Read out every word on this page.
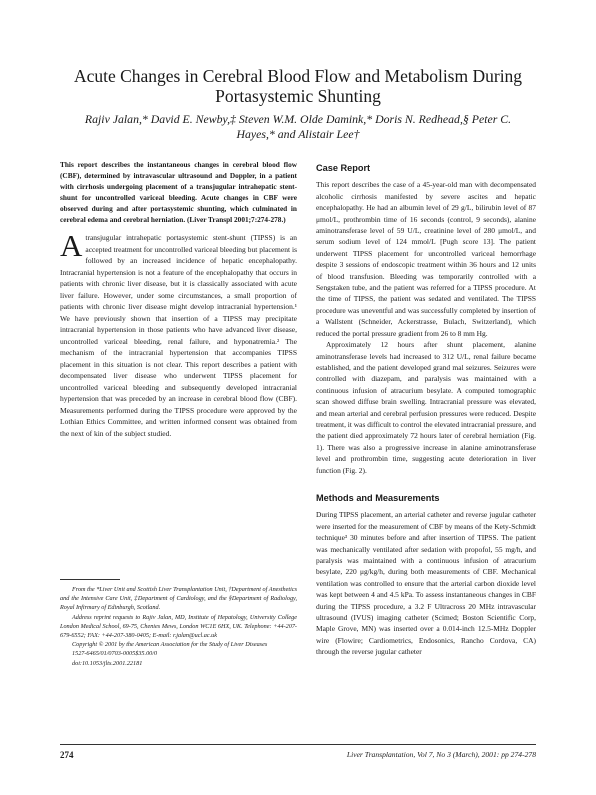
Acute Changes in Cerebral Blood Flow and Metabolism During Portasystemic Shunting

Rajiv Jalan,* David E. Newby,‡ Steven W.M. Olde Damink,* Doris N. Redhead,§ Peter C. Hayes,* and Alistair Lee†

This report describes the instantaneous changes in cerebral blood flow (CBF), determined by intravascular ultrasound and Doppler, in a patient with cirrhosis undergoing placement of a transjugular intrahepatic stent-shunt for uncontrolled variceal bleeding. Acute changes in CBF were observed during and after portasystemic shunting, which culminated in cerebral edema and cerebral herniation. (Liver Transpl 2001;7:274-278.)

Atransjugular intrahepatic portasystemic stent-shunt (TIPSS) is an accepted treatment for uncontrolled variceal bleeding but placement is followed by an increased incidence of hepatic encephalopathy. Intracranial hypertension is not a feature of the encephalopathy that occurs in patients with chronic liver disease, but it is classically associated with acute liver failure. However, under some circumstances, a small proportion of patients with chronic liver disease might develop intracranial hypertension.¹ We have previously shown that insertion of a TIPSS may precipitate intracranial hypertension in those patients who have advanced liver disease, uncontrolled variceal bleeding, renal failure, and hyponatremia.² The mechanism of the intracranial hypertension that accompanies TIPSS placement in this situation is not clear. This report describes a patient with decompensated liver disease who underwent TIPSS placement for uncontrolled variceal bleeding and subsequently developed intracranial hypertension that was preceded by an increase in cerebral blood flow (CBF). Measurements performed during the TIPSS procedure were approved by the Lothian Ethics Committee, and written informed consent was obtained from the next of kin of the subject studied.

From the *Liver Unit and Scottish Liver Transplantation Unit, †Department of Anesthetics and the Intensive Care Unit, ‡Department of Cardiology, and the §Department of Radiology, Royal Infirmary of Edinburgh, Scotland.

Address reprint requests to Rajiv Jalan, MD, Institute of Hepatology, University College London Medical School, 69-75, Chenies Mews, London WC1E 6HX, UK. Telephone: +44-207-679-6552; FAX: +44-207-380-0405; E-mail: r.jalan@ucl.ac.uk

Copyright © 2001 by the American Association for the Study of Liver Diseases

1527-6465/01/0703-0005$35.00/0

doi:10.1053/jlts.2001.22181

Case Report

This report describes the case of a 45-year-old man with decompensated alcoholic cirrhosis manifested by severe ascites and hepatic encephalopathy. He had an albumin level of 29 g/L, bilirubin level of 87 μmol/L, prothrombin time of 16 seconds (control, 9 seconds), alanine aminotransferase level of 59 U/L, creatinine level of 280 μmol/L, and serum sodium level of 124 mmol/L [Pugh score 13]. The patient underwent TIPSS placement for uncontrolled variceal hemorrhage despite 3 sessions of endoscopic treatment within 36 hours and 12 units of blood transfusion. Bleeding was temporarily controlled with a Sengstaken tube, and the patient was referred for a TIPSS procedure. At the time of TIPSS, the patient was sedated and ventilated. The TIPSS procedure was uneventful and was successfully completed by insertion of a Wallstent (Schneider, Ackerstrasse, Bulach, Switzerland), which reduced the portal pressure gradient from 26 to 8 mm Hg.

Approximately 12 hours after shunt placement, alanine aminotransferase levels had increased to 312 U/L, renal failure became established, and the patient developed grand mal seizures. Seizures were controlled with diazepam, and paralysis was maintained with a continuous infusion of atracurium besylate. A computed tomographic scan showed diffuse brain swelling. Intracranial pressure was elevated, and mean arterial and cerebral perfusion pressures were reduced. Despite treatment, it was difficult to control the elevated intracranial pressure, and the patient died approximately 72 hours later of cerebral herniation (Fig. 1). There was also a progressive increase in alanine aminotransferase level and prothrombin time, suggesting acute deterioration in liver function (Fig. 2).

Methods and Measurements

During TIPSS placement, an arterial catheter and reverse jugular catheter were inserted for the measurement of CBF by means of the Kety-Schmidt technique³ 30 minutes before and after insertion of TIPSS. The patient was mechanically ventilated after sedation with propofol, 55 mg/h, and paralysis was maintained with a continuous infusion of atracurium besylate, 220 μg/kg/h, during both measurements of CBF. Mechanical ventilation was controlled to ensure that the arterial carbon dioxide level was kept between 4 and 4.5 kPa. To assess instantaneous changes in CBF during the TIPSS procedure, a 3.2 F Ultracross 20 MHz intravascular ultrasound (IVUS) imaging catheter (Scimed; Boston Scientific Corp, Maple Grove, MN) was inserted over a 0.014-inch 12.5-MHz Doppler wire (Flowire; Cardiometrics, Endosonics, Rancho Cordova, CA) through the reverse jugular catheter

274	Liver Transplantation, Vol 7, No 3 (March), 2001: pp 274-278
